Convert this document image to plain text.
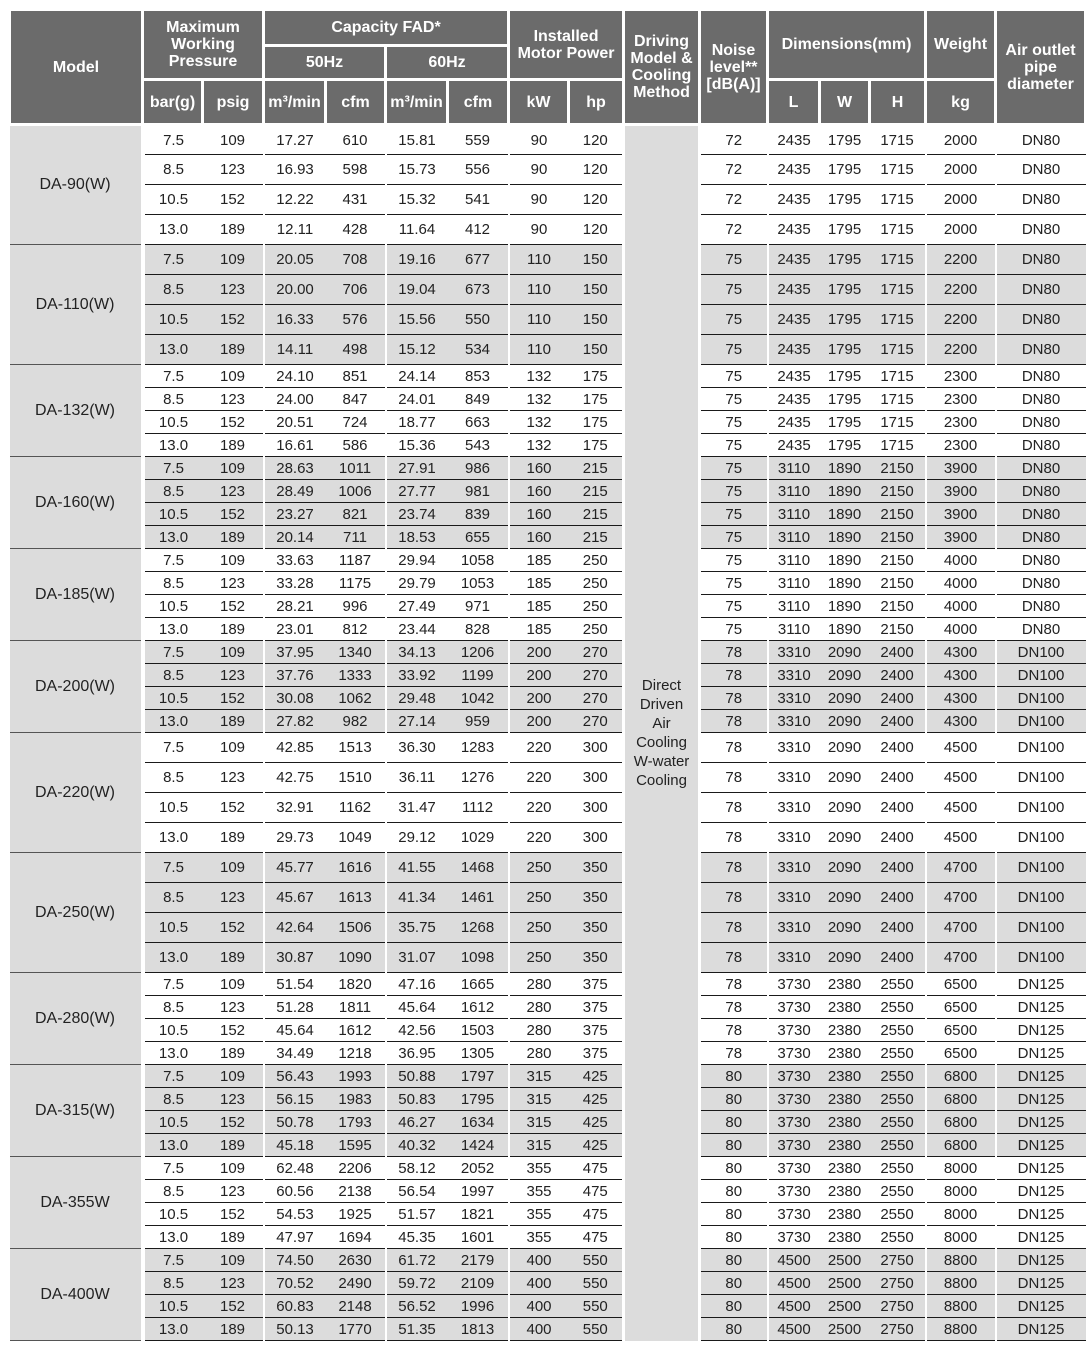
Model	Maximum Working Pressure		Capacity FAD*				Installed Motor Power		Driving Model & Cooling Method	Noise level** [dB(A)]	Dimensions(mm)			Weight	Air outlet pipe diameter
			50Hz		60Hz										
	bar(g)	psig	m³/min	cfm	m³/min	cfm	kW	hp			L	W	H	kg	
DA-90(W)	7.5	109	17.27	610	15.81	559	90	120	Direct Driven Air Cooling W-water Cooling	72	2435	1795	1715	2000	DN80
	8.5	123	16.93	598	15.73	556	90	120		72	2435	1795	1715	2000	DN80
	10.5	152	12.22	431	15.32	541	90	120		72	2435	1795	1715	2000	DN80
	13.0	189	12.11	428	11.64	412	90	120		72	2435	1795	1715	2000	DN80
DA-110(W)	7.5	109	20.05	708	19.16	677	110	150		75	2435	1795	1715	2200	DN80
	8.5	123	20.00	706	19.04	673	110	150		75	2435	1795	1715	2200	DN80
	10.5	152	16.33	576	15.56	550	110	150		75	2435	1795	1715	2200	DN80
	13.0	189	14.11	498	15.12	534	110	150		75	2435	1795	1715	2200	DN80
DA-132(W)	7.5	109	24.10	851	24.14	853	132	175		75	2435	1795	1715	2300	DN80
	8.5	123	24.00	847	24.01	849	132	175		75	2435	1795	1715	2300	DN80
	10.5	152	20.51	724	18.77	663	132	175		75	2435	1795	1715	2300	DN80
	13.0	189	16.61	586	15.36	543	132	175		75	2435	1795	1715	2300	DN80
DA-160(W)	7.5	109	28.63	1011	27.91	986	160	215		75	3110	1890	2150	3900	DN80
	8.5	123	28.49	1006	27.77	981	160	215		75	3110	1890	2150	3900	DN80
	10.5	152	23.27	821	23.74	839	160	215		75	3110	1890	2150	3900	DN80
	13.0	189	20.14	711	18.53	655	160	215		75	3110	1890	2150	3900	DN80
DA-185(W)	7.5	109	33.63	1187	29.94	1058	185	250		75	3110	1890	2150	4000	DN80
	8.5	123	33.28	1175	29.79	1053	185	250		75	3110	1890	2150	4000	DN80
	10.5	152	28.21	996	27.49	971	185	250		75	3110	1890	2150	4000	DN80
	13.0	189	23.01	812	23.44	828	185	250		75	3110	1890	2150	4000	DN80
DA-200(W)	7.5	109	37.95	1340	34.13	1206	200	270		78	3310	2090	2400	4300	DN100
	8.5	123	37.76	1333	33.92	1199	200	270		78	3310	2090	2400	4300	DN100
	10.5	152	30.08	1062	29.48	1042	200	270		78	3310	2090	2400	4300	DN100
	13.0	189	27.82	982	27.14	959	200	270		78	3310	2090	2400	4300	DN100
DA-220(W)	7.5	109	42.85	1513	36.30	1283	220	300		78	3310	2090	2400	4500	DN100
	8.5	123	42.75	1510	36.11	1276	220	300		78	3310	2090	2400	4500	DN100
	10.5	152	32.91	1162	31.47	1112	220	300		78	3310	2090	2400	4500	DN100
	13.0	189	29.73	1049	29.12	1029	220	300		78	3310	2090	2400	4500	DN100
DA-250(W)	7.5	109	45.77	1616	41.55	1468	250	350		78	3310	2090	2400	4700	DN100
	8.5	123	45.67	1613	41.34	1461	250	350		78	3310	2090	2400	4700	DN100
	10.5	152	42.64	1506	35.75	1268	250	350		78	3310	2090	2400	4700	DN100
	13.0	189	30.87	1090	31.07	1098	250	350		78	3310	2090	2400	4700	DN100
DA-280(W)	7.5	109	51.54	1820	47.16	1665	280	375		78	3730	2380	2550	6500	DN125
	8.5	123	51.28	1811	45.64	1612	280	375		78	3730	2380	2550	6500	DN125
	10.5	152	45.64	1612	42.56	1503	280	375		78	3730	2380	2550	6500	DN125
	13.0	189	34.49	1218	36.95	1305	280	375		78	3730	2380	2550	6500	DN125
DA-315(W)	7.5	109	56.43	1993	50.88	1797	315	425		80	3730	2380	2550	6800	DN125
	8.5	123	56.15	1983	50.83	1795	315	425		80	3730	2380	2550	6800	DN125
	10.5	152	50.78	1793	46.27	1634	315	425		80	3730	2380	2550	6800	DN125
	13.0	189	45.18	1595	40.32	1424	315	425		80	3730	2380	2550	6800	DN125
DA-355W	7.5	109	62.48	2206	58.12	2052	355	475		80	3730	2380	2550	8000	DN125
	8.5	123	60.56	2138	56.54	1997	355	475		80	3730	2380	2550	8000	DN125
	10.5	152	54.53	1925	51.57	1821	355	475		80	3730	2380	2550	8000	DN125
	13.0	189	47.97	1694	45.35	1601	355	475		80	3730	2380	2550	8000	DN125
DA-400W	7.5	109	74.50	2630	61.72	2179	400	550		80	4500	2500	2750	8800	DN125
	8.5	123	70.52	2490	59.72	2109	400	550		80	4500	2500	2750	8800	DN125
	10.5	152	60.83	2148	56.52	1996	400	550		80	4500	2500	2750	8800	DN125
	13.0	189	50.13	1770	51.35	1813	400	550		80	4500	2500	2750	8800	DN125
